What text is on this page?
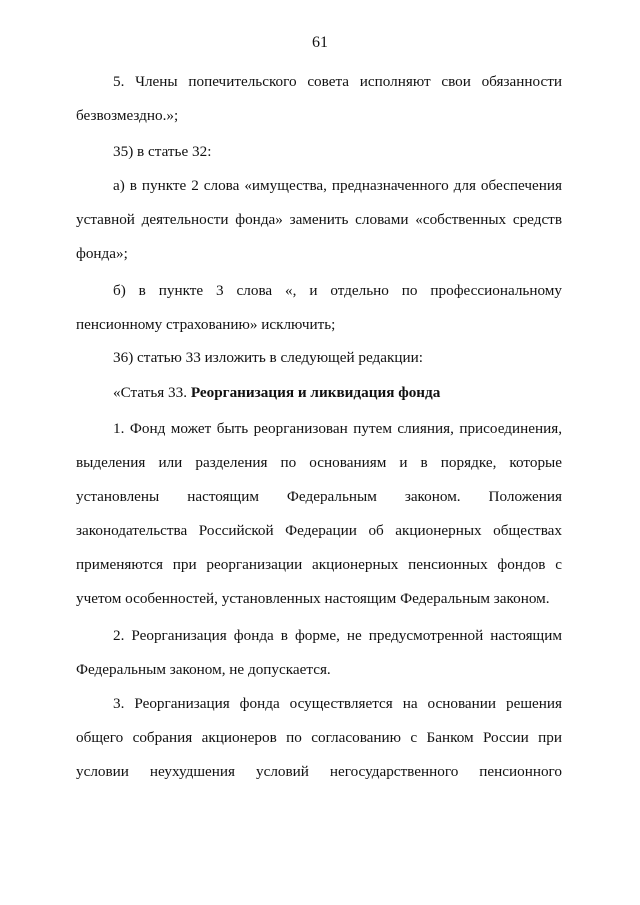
61
5. Члены попечительского совета исполняют свои обязанности
безвозмездно.»;
35) в статье 32:
а) в пункте 2 слова «имущества, предназначенного для обеспечения
уставной деятельности фонда» заменить словами «собственных средств
фонда»;
б) в пункте 3 слова «, и отдельно по профессиональному
пенсионному страхованию» исключить;
36) статью 33 изложить в следующей редакции:
«Статья 33. Реорганизация и ликвидация фонда
1. Фонд может быть реорганизован путем слияния, присоединения,
выделения или разделения по основаниям и в порядке, которые
установлены настоящим Федеральным законом. Положения
законодательства Российской Федерации об акционерных обществах
применяются при реорганизации акционерных пенсионных фондов с
учетом особенностей, установленных настоящим Федеральным законом.
2. Реорганизация фонда в форме, не предусмотренной настоящим
Федеральным законом, не допускается.
3. Реорганизация фонда осуществляется на основании решения
общего собрания акционеров по согласованию с Банком России при
условии неухудшения условий негосударственного пенсионного
